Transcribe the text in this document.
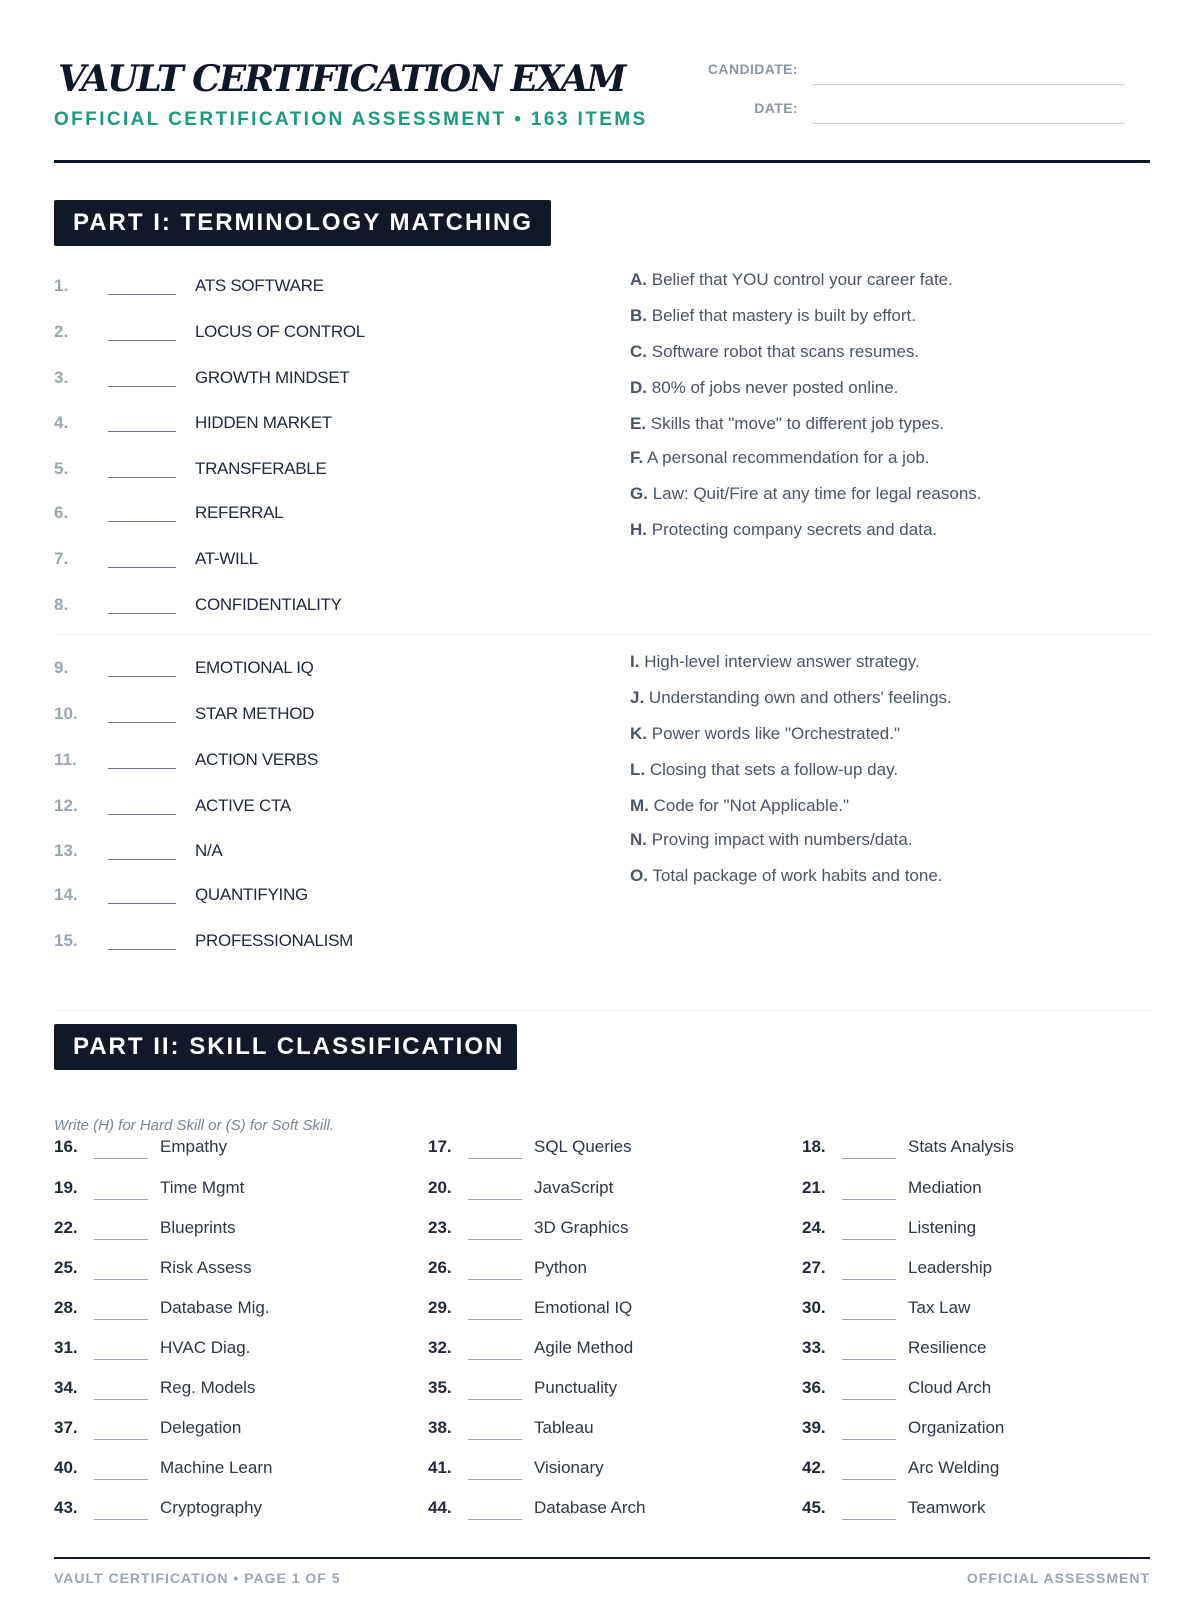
VAULT CERTIFICATION EXAM
OFFICIAL CERTIFICATION ASSESSMENT • 163 ITEMS
CANDIDATE:
DATE:
PART I: TERMINOLOGY MATCHING
1.	ATS SOFTWARE
2.	LOCUS OF CONTROL
3.	GROWTH MINDSET
4.	HIDDEN MARKET
5.	TRANSFERABLE
6.	REFERRAL
7.	AT-WILL
8.	CONFIDENTIALITY
9.	EMOTIONAL IQ
10.	STAR METHOD
11.	ACTION VERBS
12.	ACTIVE CTA
13.	N/A
14.	QUANTIFYING
15.	PROFESSIONALISM
A. Belief that YOU control your career fate.
B. Belief that mastery is built by effort.
C. Software robot that scans resumes.
D. 80% of jobs never posted online.
E. Skills that "move" to different job types.
F. A personal recommendation for a job.
G. Law: Quit/Fire at any time for legal reasons.
H. Protecting company secrets and data.
I. High-level interview answer strategy.
J. Understanding own and others' feelings.
K. Power words like "Orchestrated."
L. Closing that sets a follow-up day.
M. Code for "Not Applicable."
N. Proving impact with numbers/data.
O. Total package of work habits and tone.
PART II: SKILL CLASSIFICATION
Write (H) for Hard Skill or (S) for Soft Skill.
16.	Empathy	17.	SQL Queries	18.	Stats Analysis
19.	Time Mgmt	20.	JavaScript	21.	Mediation
22.	Blueprints	23.	3D Graphics	24.	Listening
25.	Risk Assess	26.	Python	27.	Leadership
28.	Database Mig.	29.	Emotional IQ	30.	Tax Law
31.	HVAC Diag.	32.	Agile Method	33.	Resilience
34.	Reg. Models	35.	Punctuality	36.	Cloud Arch
37.	Delegation	38.	Tableau	39.	Organization
40.	Machine Learn	41.	Visionary	42.	Arc Welding
43.	Cryptography	44.	Database Arch	45.	Teamwork
VAULT CERTIFICATION • PAGE 1 OF 5	OFFICIAL ASSESSMENT
